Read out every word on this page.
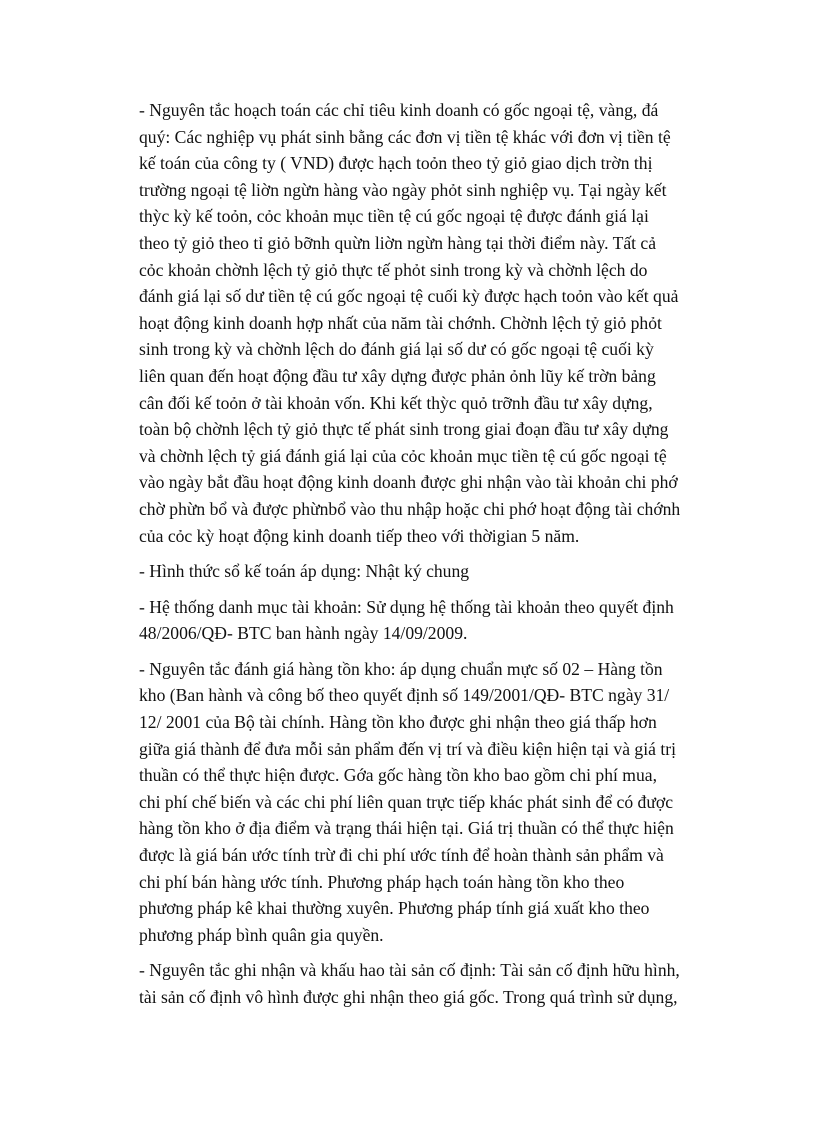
- Nguyên tắc hoạch toán các chỉ tiêu kinh doanh có gốc ngoại tệ, vàng, đá
quý: Các nghiệp vụ phát sinh bằng các đơn vị tiền tệ khác với đơn vị tiền tệ
kế toán của công ty ( VND) được hạch toỏn theo tỷ giỏ giao dịch trờn thị
trường ngoại tệ liờn ngừn hàng vào ngày phỏt sinh nghiệp vụ. Tại ngày kết
thỳc kỳ kế toỏn, cỏc khoản mục tiền tệ cú gốc ngoại tệ được đánh giá lại
theo tỷ giỏ theo tỉ giỏ bỡnh quừn liờn ngừn hàng tại thời điểm này. Tất cả
cỏc khoản chờnh lệch tỷ giỏ thực tế phỏt sinh trong kỳ và chờnh lệch do
đánh giá lại số dư tiền tệ cú gốc ngoại tệ cuối kỳ được hạch toỏn vào kết quả
hoạt động kinh doanh hợp nhất của năm tài chớnh. Chờnh lệch tỷ giỏ phỏt
sinh trong kỳ và chờnh lệch do đánh giá lại số dư có gốc ngoại tệ cuối kỳ
liên quan đến hoạt động đầu tư xây dựng được phản ỏnh lũy kế trờn bảng
cân đối kế toỏn ở tài khoản vốn. Khi kết thỳc quỏ trỡnh đầu tư xây dựng,
toàn bộ chờnh lệch tỷ giỏ thực tế phát sinh trong giai đoạn đầu tư xây dựng
và chờnh lệch tỷ giá đánh giá lại của cỏc khoản mục tiền tệ cú gốc ngoại tệ
vào ngày bắt đầu hoạt động kinh doanh được ghi nhận vào tài khoản chi phớ
chờ phừn bổ và được phừnbổ vào thu nhập hoặc chi phớ hoạt động tài chớnh
của cỏc kỳ hoạt động kinh doanh tiếp theo với thờigian 5 năm.
- Hình thức sổ kế toán áp dụng: Nhật ký chung
- Hệ thống danh mục tài khoản: Sử dụng hệ thống tài khoản theo quyết định
48/2006/QĐ- BTC ban hành ngày 14/09/2009.
- Nguyên tắc đánh giá hàng tồn kho: áp dụng chuẩn mực số 02 – Hàng tồn
kho (Ban hành và công bố theo quyết định số 149/2001/QĐ- BTC ngày 31/
12/ 2001 của Bộ tài chính. Hàng tồn kho được ghi nhận theo giá thấp hơn
giữa giá thành để đưa mỗi sản phẩm đến vị trí và điều kiện hiện tại và giá trị
thuần có thể thực hiện được. Gớa gốc hàng tồn kho bao gồm chi phí mua,
chi phí chế biến và các chi phí liên quan trực tiếp khác phát sinh để có được
hàng tồn kho ở địa điểm và trạng thái hiện tại. Giá trị thuần có thể thực hiện
được là giá bán ước tính trừ đi chi phí ước tính để hoàn thành sản phẩm và
chi phí bán hàng ước tính. Phương pháp hạch toán hàng tồn kho theo
phương pháp kê khai thường xuyên. Phương pháp tính giá xuất kho theo
phương pháp bình quân gia quyền.
- Nguyên tắc ghi nhận và khấu hao tài sản cố định: Tài sản cố định hữu hình,
tài sản cố định vô hình được ghi nhận theo giá gốc. Trong quá trình sử dụng,
